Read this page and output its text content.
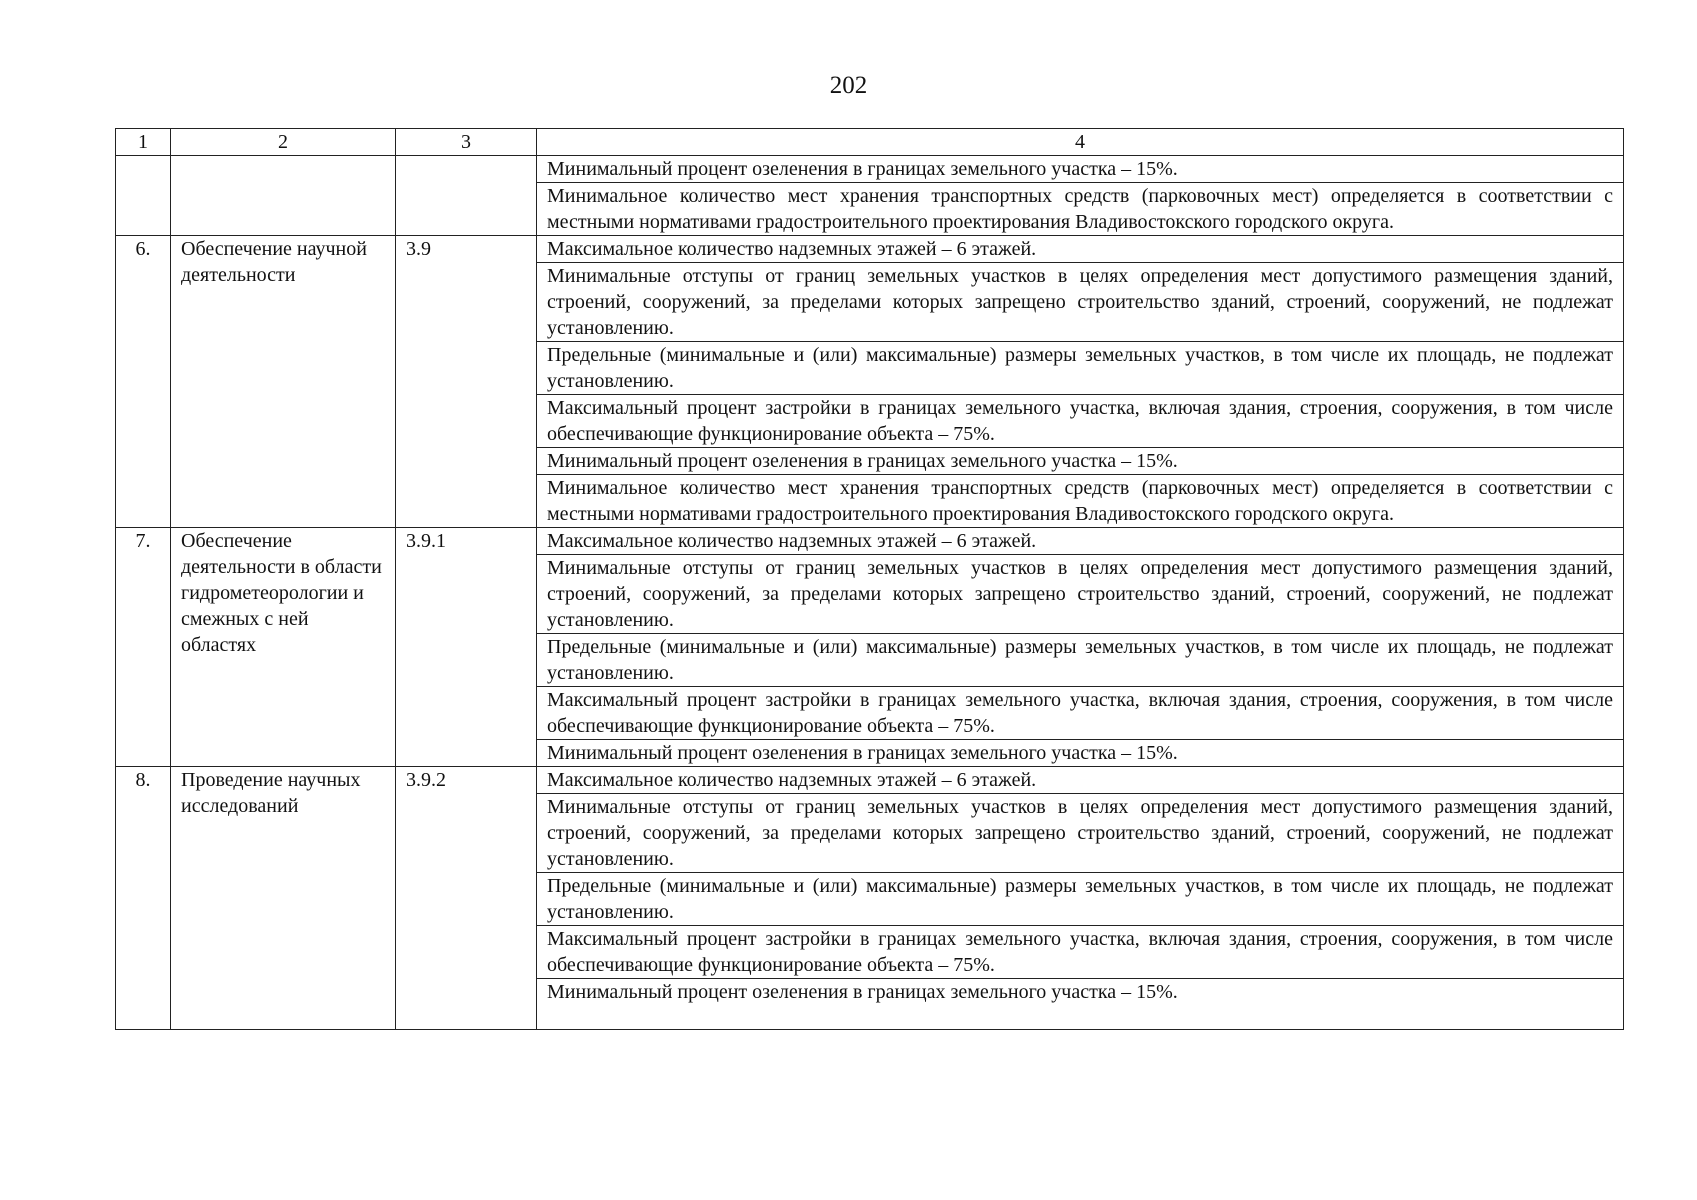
202
1	2	3	4

			Минимальный процент озеленения в границах земельного участка – 15%.

			Минимальное количество мест хранения транспортных средств (парковочных мест) определяется в соответствии с местными нормативами градостроительного проектирования Владивостокского городского округа.

6.	Обеспечение научной деятельности	3.9	Максимальное количество надземных этажей – 6 этажей.

			Минимальные отступы от границ земельных участков в целях определения мест допустимого размещения зданий, строений, сооружений, за пределами которых запрещено строительство зданий, строений, сооружений, не подлежат установлению.

			Предельные (минимальные и (или) максимальные) размеры земельных участков, в том числе их площадь, не подлежат установлению.

			Максимальный процент застройки в границах земельного участка, включая здания, строения, сооружения, в том числе обеспечивающие функционирование объекта – 75%.

			Минимальный процент озеленения в границах земельного участка – 15%.

			Минимальное количество мест хранения транспортных средств (парковочных мест) определяется в соответствии с местными нормативами градостроительного проектирования Владивостокского городского округа.

7.	Обеспечение деятельности в области гидрометеорологии и смежных с ней областях	3.9.1	Максимальное количество надземных этажей – 6 этажей.

			Минимальные отступы от границ земельных участков в целях определения мест допустимого размещения зданий, строений, сооружений, за пределами которых запрещено строительство зданий, строений, сооружений, не подлежат установлению.

			Предельные (минимальные и (или) максимальные) размеры земельных участков, в том числе их площадь, не подлежат установлению.

			Максимальный процент застройки в границах земельного участка, включая здания, строения, сооружения, в том числе обеспечивающие функционирование объекта – 75%.

			Минимальный процент озеленения в границах земельного участка – 15%.

8.	Проведение научных исследований	3.9.2	Максимальное количество надземных этажей – 6 этажей.

			Минимальные отступы от границ земельных участков в целях определения мест допустимого размещения зданий, строений, сооружений, за пределами которых запрещено строительство зданий, строений, сооружений, не подлежат установлению.

			Предельные (минимальные и (или) максимальные) размеры земельных участков, в том числе их площадь, не подлежат установлению.

			Максимальный процент застройки в границах земельного участка, включая здания, строения, сооружения, в том числе обеспечивающие функционирование объекта – 75%.

			Минимальный процент озеленения в границах земельного участка – 15%.
